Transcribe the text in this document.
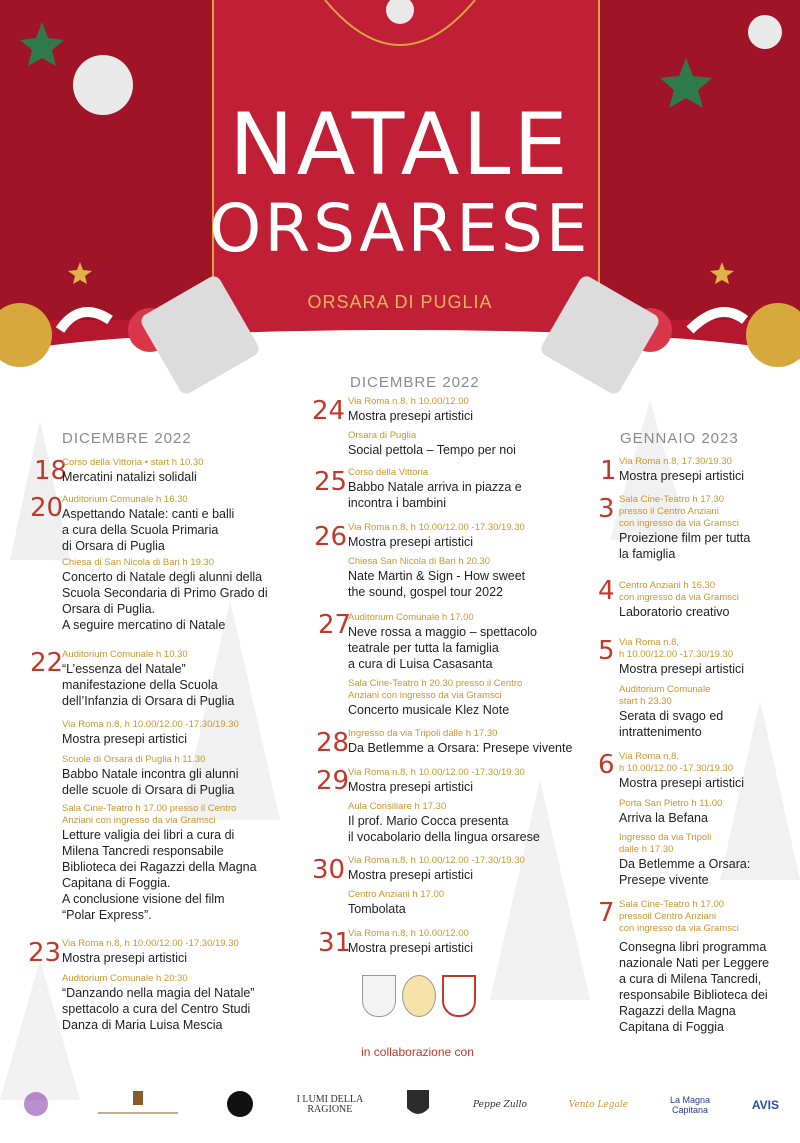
NATALE
ORSARESE
ORSARA DI PUGLIA
DICEMBRE 2022
DICEMBRE 2022
GENNAIO 2023
18
Corso della Vittoria • start h 10.30
Mercatini natalizi solidali
20
Auditorium Comunale h 16.30
Aspettando Natale: canti e balli
a cura della Scuola Primaria
di Orsara di Puglia
Chiesa di San Nicola di Bari h 19.30
Concerto di Natale degli alunni della
Scuola Secondaria di Primo Grado di
Orsara di Puglia.
A seguire mercatino di Natale
22
Auditorium Comunale h 10.30
“L’essenza del Natale”
manifestazione della Scuola
dell’Infanzia di Orsara di Puglia
Via Roma n.8, h 10.00/12.00 -17.30/19.30
Mostra presepi artistici
Scuole di Orsara di Puglia h 11.30
Babbo Natale incontra gli alunni
delle scuole di Orsara di Puglia
Sala Cine-Teatro h 17.00 presso il Centro
Anziani con ingresso da via Gramsci
Letture valigia dei libri a cura di
Milena Tancredi responsabile
Biblioteca dei Ragazzi della Magna
Capitana di Foggia.
A conclusione visione del film
“Polar Express”.
23 Via Roma n.8, h 10.00/12.00 -17.30/19.30
Mostra presepi artistici
Auditorium Comunale h 20:30
“Danzando nella magia del Natale”
spettacolo a cura del Centro Studi
Danza di Maria Luisa Mescia
24 Via Roma n.8, h 10.00/12.00
Mostra presepi artistici
Orsara di Puglia
Social pettola – Tempo per noi
25 Corso della Vittoria
Babbo Natale arriva in piazza e
incontra i bambini
26 Via Roma n.8, h 10.00/12.00 -17.30/19.30
Mostra presepi artistici
Chiesa San Nicola di Bari h 20.30
Nate Martin & Sign - How sweet
the sound, gospel tour 2022
27
Auditorium Comunale h 17.00
Neve rossa a maggio – spettacolo
teatrale per tutta la famiglia
a cura di Luisa Casasanta
Sala Cine-Teatro h 20.30 presso il Centro
Anziani con ingresso da via Gramsci
Concerto musicale Klez Note
28
Ingresso da via Tripoli dalle h 17.30
Da Betlemme a Orsara: Presepe vivente
29
Via Roma n.8, h 10.00/12.00 -17.30/19.30
Mostra presepi artistici
Aula Consiliare h 17.30
Il prof. Mario Cocca presenta
il vocabolario della lingua orsarese
30 Via Roma n.8, h 10.00/12.00 -17.30/19.30
Mostra presepi artistici
Centro Anziani h 17.00
Tombolata
31
Via Roma n.8, h 10.00/12.00
Mostra presepi artistici
1 Via Roma n.8, 17.30/19.30
Mostra presepi artistici
3 Sala Cine-Teatro h 17.30
presso il Centro Anziani
con ingresso da via Gramsci
Proiezione film per tutta
la famiglia
4 Centro Anziani h 16.30
con ingresso da via Gramsci
Laboratorio creativo
5 Via Roma n.8,
h 10.00/12.00 -17.30/19.30
Mostra presepi artistici
Auditorium Comunale
start h 23.30
Serata di svago ed
intrattenimento
6 Via Roma n.8,
h 10.00/12.00 -17.30/19.30
Mostra presepi artistici
Porta San Pietro h 11.00
Arriva la Befana
Ingresso da via Tripoli
dalle h 17.30
Da Betlemme a Orsara:
Presepe vivente
7 Sala Cine-Teatro h 17.00
pressoil Centro Anziani
con ingresso da via Gramsci
Consegna libri programma
nazionale Nati per Leggere
a cura di Milena Tancredi,
responsabile Biblioteca dei
Ragazzi della Magna
Capitana di Foggia
in collaborazione con
I LUMI DELLA
RAGIONE	Peppe Zullo	Vento Legale	La Magna
Capitana	AVIS
